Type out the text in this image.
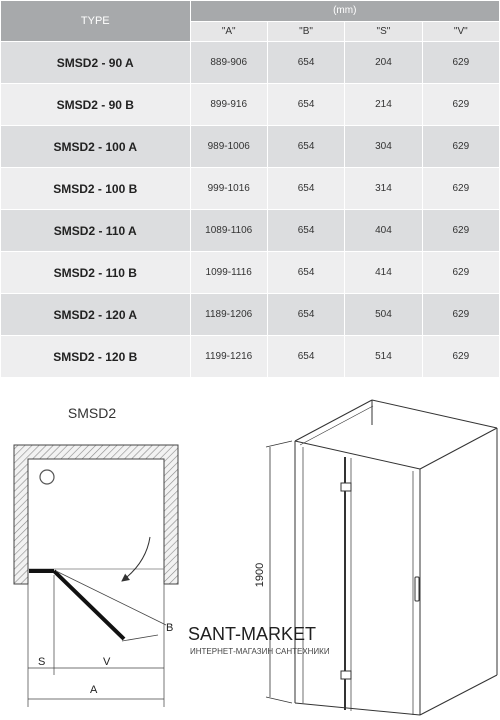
TYPE	(mm)			
	"A"	"B"	"S"	"V"
SMSD2 - 90 A	889-906	654	204	629
SMSD2 - 90 B	899-916	654	214	629
SMSD2 - 100 A	989-1006	654	304	629
SMSD2 - 100 B	999-1016	654	314	629
SMSD2 - 110 A	1089-1106	654	404	629
SMSD2 - 110 B	1099-1116	654	414	629
SMSD2 - 120 A	1189-1206	654	504	629
SMSD2 - 120 B	1199-1216	654	514	629
SMSD2
B
S	V
A
1900
SANT-MARKET
ИНТЕРНЕТ-МАГАЗИН САНТЕХНИКИ
